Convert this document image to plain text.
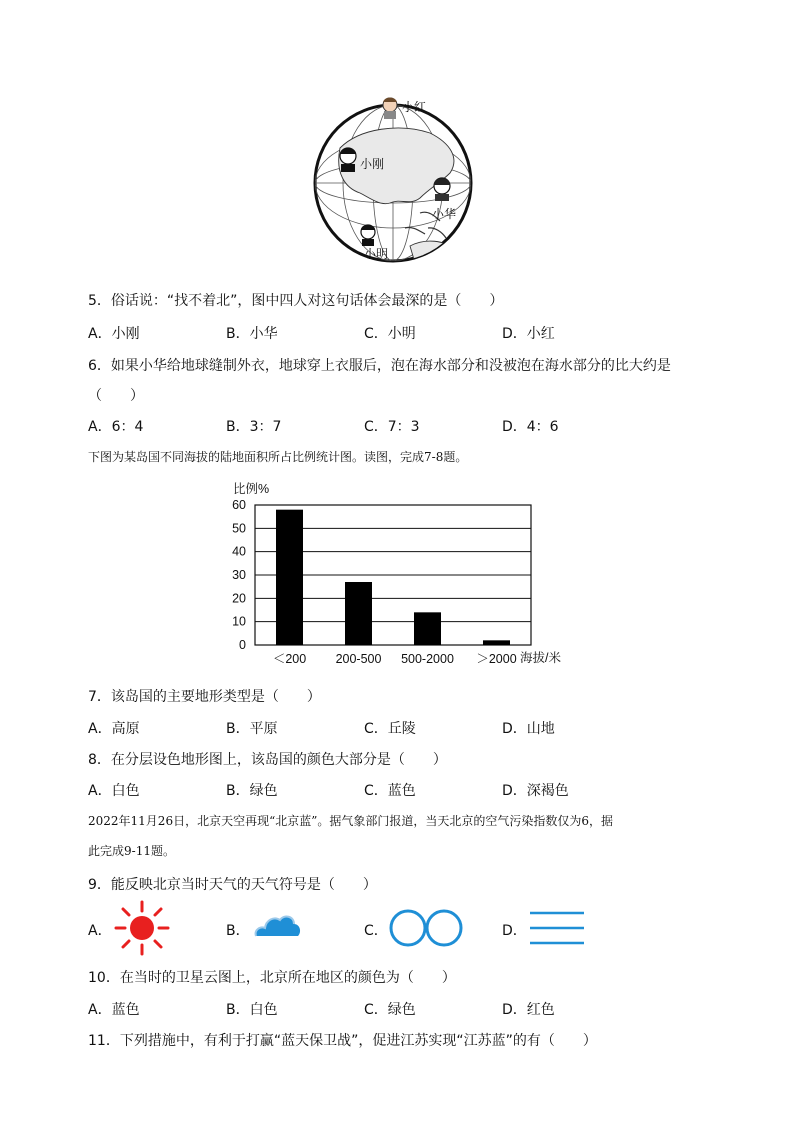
小红
小刚
小华
小明
5．俗话说：“找不着北”，图中四人对这句话体会最深的是（　　）
A．小刚	B．小华	C．小明	D．小红
6．如果小华给地球缝制外衣，地球穿上衣服后，泡在海水部分和没被泡在海水部分的比大约是
（　　）
A．6：4	B．3：7	C．7：3	D．4：6
下图为某岛国不同海拔的陆地面积所占比例统计图。读图，完成7-8题。
比例%
0
10
20
30
40
50
60
＜200 200-500 500-2000 ＞2000 海拔/米
7．该岛国的主要地形类型是（　　）
A．高原	B．平原	C．丘陵	D．山地
8．在分层设色地形图上，该岛国的颜色大部分是（　　）
A．白色	B．绿色	C．蓝色	D．深褐色
2022年11月26日，北京天空再现“北京蓝”。据气象部门报道，当天北京的空气污染指数仅为6，据
此完成9-11题。
9．能反映北京当时天气的天气符号是（　　）
A．	B．	C．	D．
10．在当时的卫星云图上，北京所在地区的颜色为（　　）
A．蓝色	B．白色	C．绿色	D．红色
11．下列措施中，有利于打赢“蓝天保卫战”，促进江苏实现“江苏蓝”的有（　　）
